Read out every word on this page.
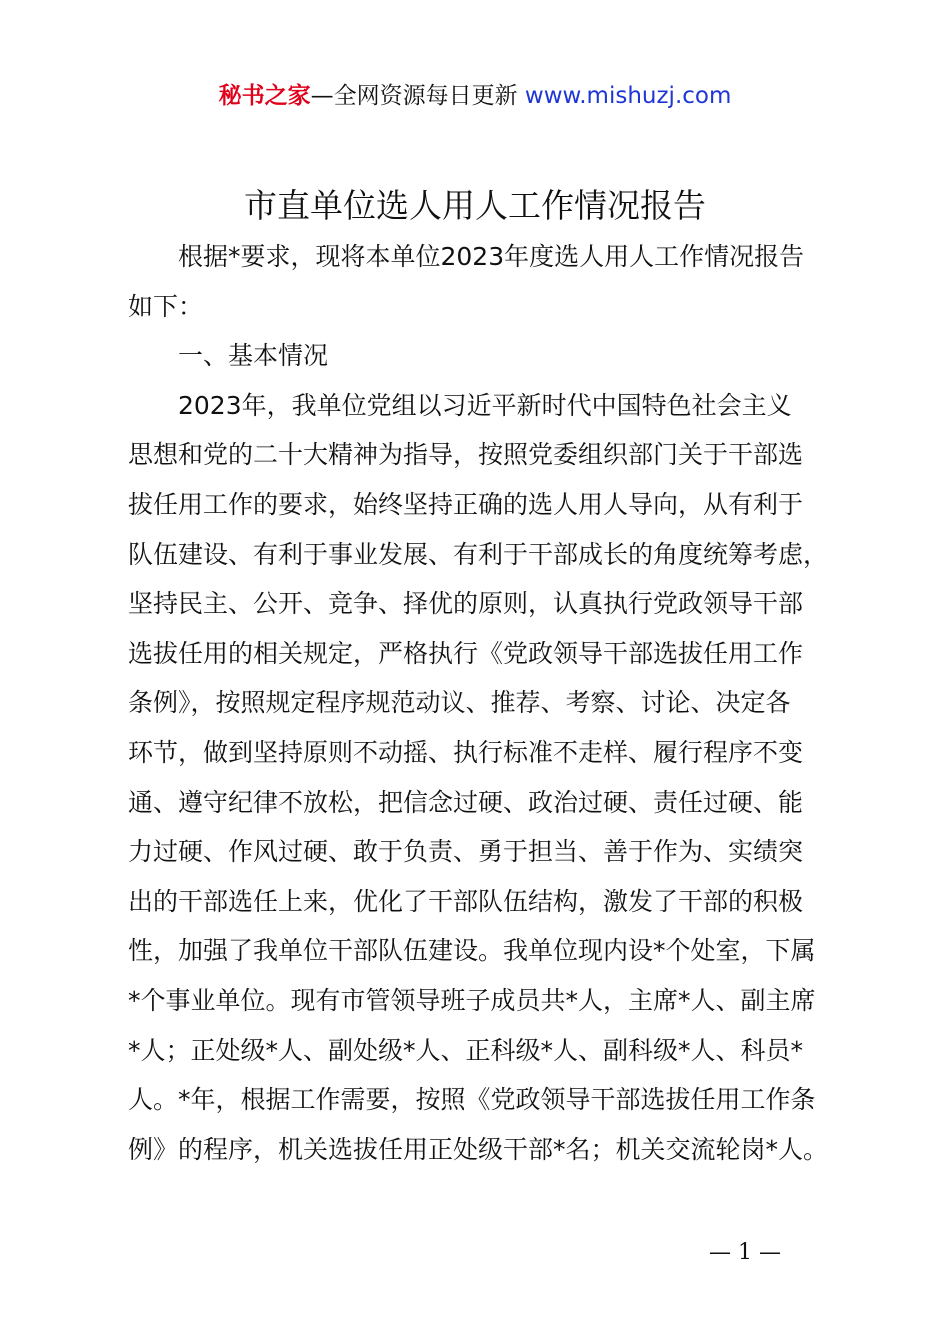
秘书之家—全网资源每日更新 www.mishuzj.com
市直单位选人用人工作情况报告
根据*要求，现将本单位2023年度选人用人工作情况报告
如下：
一、基本情况
2023年，我单位党组以习近平新时代中国特色社会主义
思想和党的二十大精神为指导，按照党委组织部门关于干部选
拔任用工作的要求，始终坚持正确的选人用人导向，从有利于
队伍建设、有利于事业发展、有利于干部成长的角度统筹考虑，
坚持民主、公开、竞争、择优的原则，认真执行党政领导干部
选拔任用的相关规定，严格执行《党政领导干部选拔任用工作
条例》，按照规定程序规范动议、推荐、考察、讨论、决定各
环节，做到坚持原则不动摇、执行标准不走样、履行程序不变
通、遵守纪律不放松，把信念过硬、政治过硬、责任过硬、能
力过硬、作风过硬、敢于负责、勇于担当、善于作为、实绩突
出的干部选任上来，优化了干部队伍结构，激发了干部的积极
性，加强了我单位干部队伍建设。我单位现内设*个处室，下属
*个事业单位。现有市管领导班子成员共*人，主席*人、副主席
*人；正处级*人、副处级*人、正科级*人、副科级*人、科员*
人。*年，根据工作需要，按照《党政领导干部选拔任用工作条
例》的程序，机关选拔任用正处级干部*名；机关交流轮岗*人。
— 1 —
